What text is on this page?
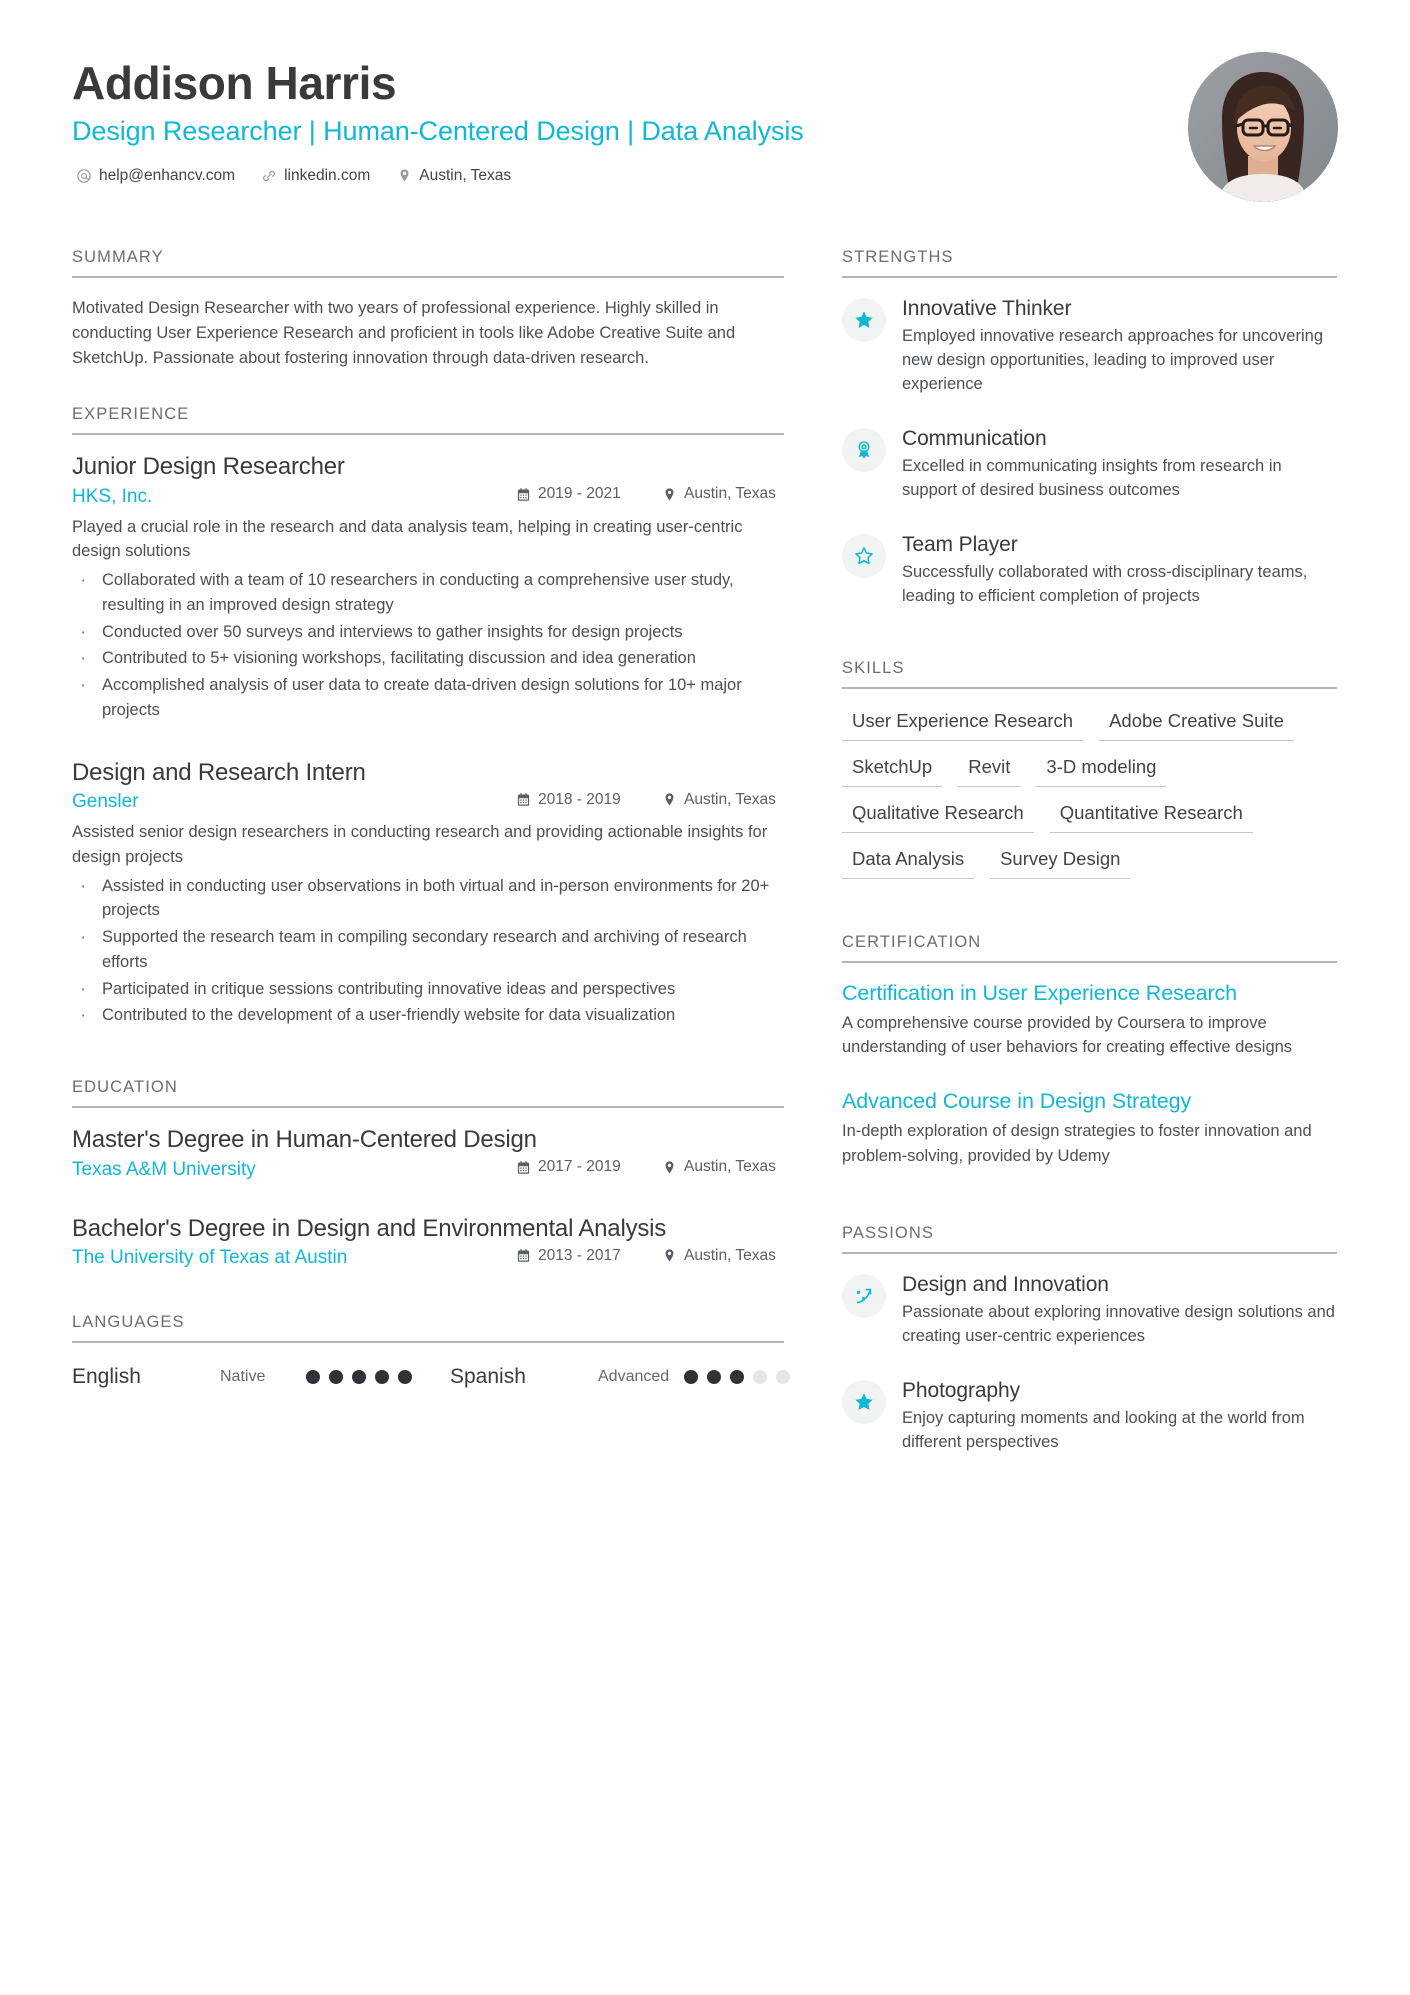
Addison Harris
Design Researcher | Human-Centered Design | Data Analysis
help@enhancv.com	linkedin.com	Austin, Texas
SUMMARY
Motivated Design Researcher with two years of professional experience. Highly skilled in conducting User Experience Research and proficient in tools like Adobe Creative Suite and SketchUp. Passionate about fostering innovation through data-driven research.
EXPERIENCE
Junior Design Researcher
HKS, Inc.	2019 - 2021	Austin, Texas
Played a crucial role in the research and data analysis team, helping in creating user-centric design solutions
· Collaborated with a team of 10 researchers in conducting a comprehensive user study, resulting in an improved design strategy
· Conducted over 50 surveys and interviews to gather insights for design projects
· Contributed to 5+ visioning workshops, facilitating discussion and idea generation
· Accomplished analysis of user data to create data-driven design solutions for 10+ major projects
Design and Research Intern
Gensler	2018 - 2019	Austin, Texas
Assisted senior design researchers in conducting research and providing actionable insights for design projects
· Assisted in conducting user observations in both virtual and in-person environments for 20+ projects
· Supported the research team in compiling secondary research and archiving of research efforts
· Participated in critique sessions contributing innovative ideas and perspectives
· Contributed to the development of a user-friendly website for data visualization
EDUCATION
Master's Degree in Human-Centered Design
Texas A&M University	2017 - 2019	Austin, Texas
Bachelor's Degree in Design and Environmental Analysis
The University of Texas at Austin	2013 - 2017	Austin, Texas
LANGUAGES
English	Native	Spanish	Advanced
STRENGTHS
Innovative Thinker
Employed innovative research approaches for uncovering new design opportunities, leading to improved user experience
Communication
Excelled in communicating insights from research in support of desired business outcomes
Team Player
Successfully collaborated with cross-disciplinary teams, leading to efficient completion of projects
SKILLS
User Experience Research	Adobe Creative Suite
SketchUp	Revit	3-D modeling
Qualitative Research	Quantitative Research
Data Analysis	Survey Design
CERTIFICATION
Certification in User Experience Research
A comprehensive course provided by Coursera to improve understanding of user behaviors for creating effective designs
Advanced Course in Design Strategy
In-depth exploration of design strategies to foster innovation and problem-solving, provided by Udemy
PASSIONS
Design and Innovation
Passionate about exploring innovative design solutions and creating user-centric experiences
Photography
Enjoy capturing moments and looking at the world from different perspectives
